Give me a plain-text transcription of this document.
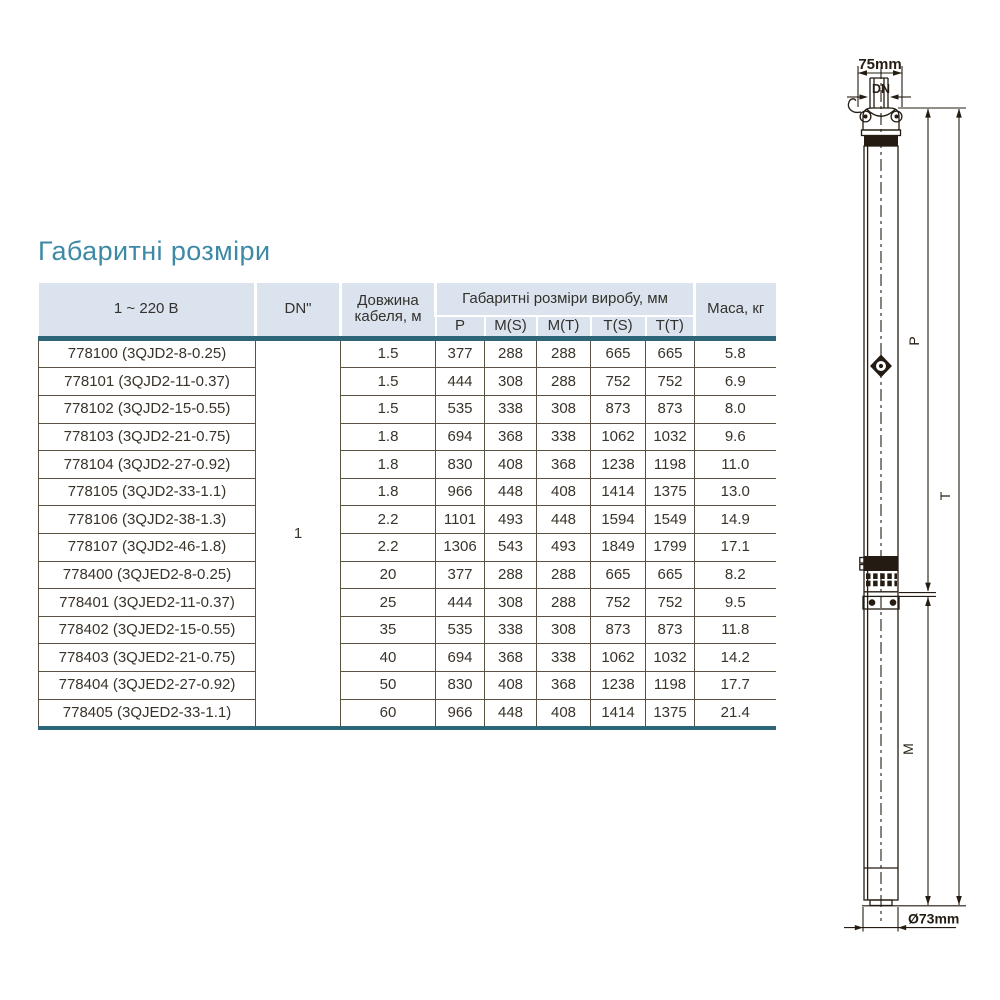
Габаритні розміри
1 ~ 220 В	DN"	Довжина кабеля, м	Габаритні розміри виробу, мм					Маса, кг
			P	M(S)	M(T)	T(S)	T(T)	
778100 (3QJD2-8-0.25)	1	1.5	377	288	288	665	665	5.8
778101 (3QJD2-11-0.37)		1.5	444	308	288	752	752	6.9
778102 (3QJD2-15-0.55)		1.5	535	338	308	873	873	8.0
778103 (3QJD2-21-0.75)		1.8	694	368	338	1062	1032	9.6
778104 (3QJD2-27-0.92)		1.8	830	408	368	1238	1198	11.0
778105 (3QJD2-33-1.1)		1.8	966	448	408	1414	1375	13.0
778106 (3QJD2-38-1.3)		2.2	1101	493	448	1594	1549	14.9
778107 (3QJD2-46-1.8)		2.2	1306	543	493	1849	1799	17.1
778400 (3QJED2-8-0.25)		20	377	288	288	665	665	8.2
778401 (3QJED2-11-0.37)		25	444	308	288	752	752	9.5
778402 (3QJED2-15-0.55)		35	535	338	308	873	873	11.8
778403 (3QJED2-21-0.75)		40	694	368	338	1062	1032	14.2
778404 (3QJED2-27-0.92)		50	830	408	368	1238	1198	17.7
778405 (3QJED2-33-1.1)		60	966	448	408	1414	1375	21.4
75mm
DN
P
M
T
Ø73mm
